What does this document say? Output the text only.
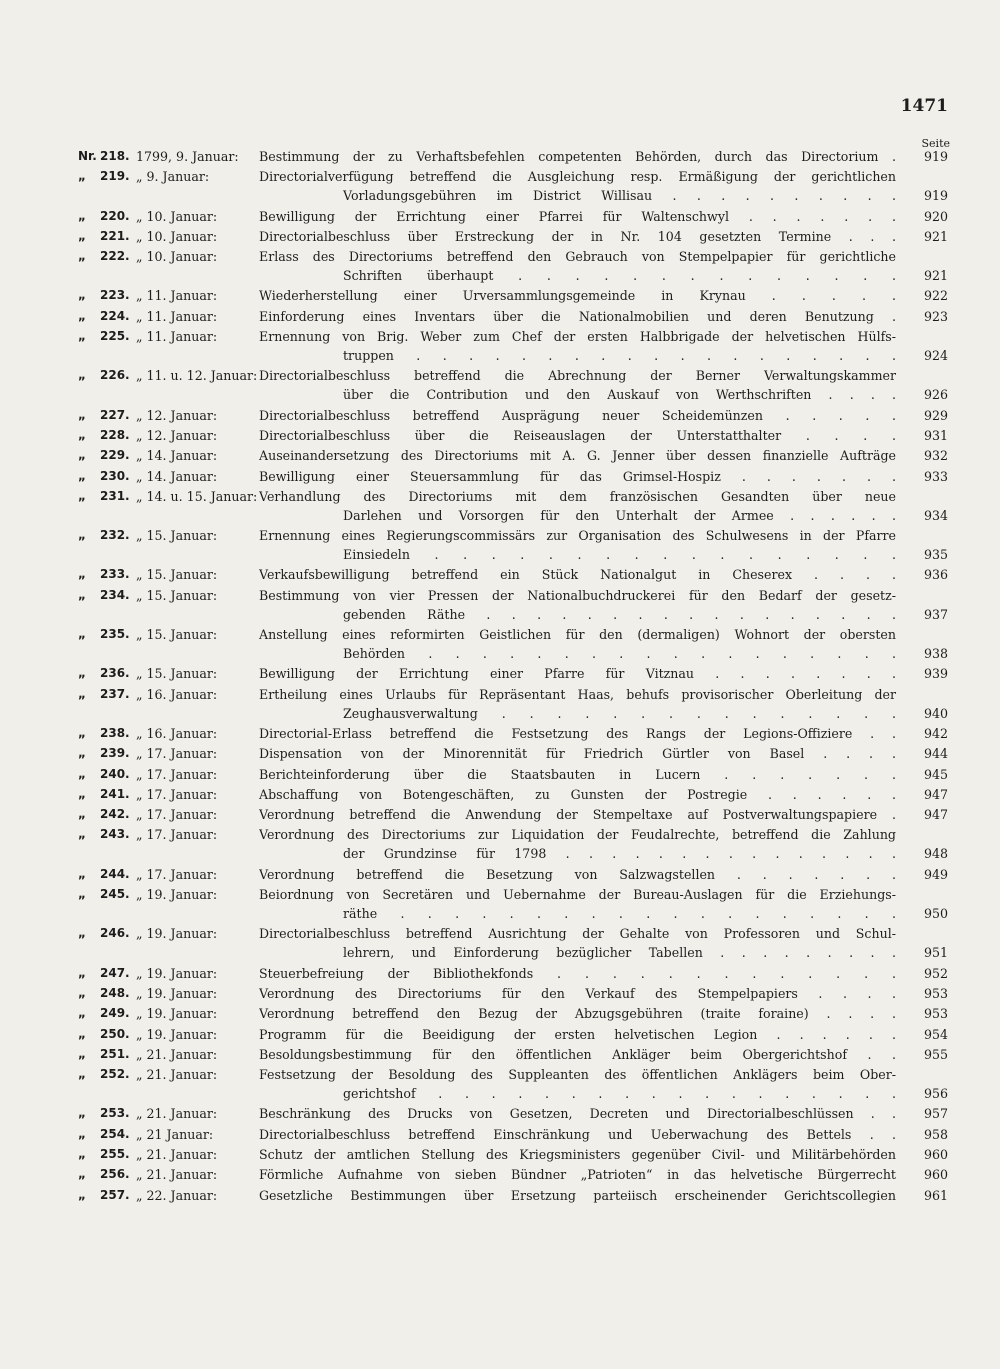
1471
Seite
Nr. 218. 1799, 9. Januar:	Bestimmung der zu Verhaftsbefehlen competenten Behörden, durch das Directorium .	919
„ 219. „ 9. Januar:	Directorialverfügung betreffend die Ausgleichung resp. Ermäßigung der gerichtlichen
Vorladungsgebühren im District Willisau . . . . . . . . . .	919
„ 220. „ 10. Januar:	Bewilligung der Errichtung einer Pfarrei für Waltenschwyl . . . . . . .	920
„ 221. „ 10. Januar:	Directorialbeschluss über Erstreckung der in Nr. 104 gesetzten Termine . . .	921
„ 222. „ 10. Januar:	Erlass des Directoriums betreffend den Gebrauch von Stempelpapier für gerichtliche
Schriften überhaupt . . . . . . . . . . . . . .	921
„ 223. „ 11. Januar:	Wiederherstellung einer Urversammlungsgemeinde in Krynau . . . . .	922
„ 224. „ 11. Januar:	Einforderung eines Inventars über die Nationalmobilien und deren Benutzung .	923
„ 225. „ 11. Januar:	Ernennung von Brig. Weber zum Chef der ersten Halbbrigade der helvetischen Hülfs-
truppen . . . . . . . . . . . . . . . . . . .	924
„ 226. „ 11. u. 12. Januar: Directorialbeschluss betreffend die Abrechnung der Berner Verwaltungskammer
über die Contribution und den Auskauf von Werthschriften . . . .	926
„ 227. „ 12. Januar:	Directorialbeschluss betreffend Ausprägung neuer Scheidemünzen . . . . .	929
„ 228. „ 12. Januar:	Directorialbeschluss über die Reiseauslagen der Unterstatthalter . . . .	931
„ 229. „ 14. Januar:	Auseinandersetzung des Directoriums mit A. G. Jenner über dessen finanzielle Aufträge	932
„ 230. „ 14. Januar:	Bewilligung einer Steuersammlung für das Grimsel-Hospiz . . . . . . .	933
„ 231. „ 14. u. 15. Januar: Verhandlung des Directoriums mit dem französischen Gesandten über neue
Darlehen und Vorsorgen für den Unterhalt der Armee . . . . . .	934
„ 232. „ 15. Januar:	Ernennung eines Regierungscommissärs zur Organisation des Schulwesens in der Pfarre
Einsiedeln . . . . . . . . . . . . . . . . .	935
„ 233. „ 15. Januar:	Verkaufsbewilligung betreffend ein Stück Nationalgut in Cheserex . . . .	936
„ 234. „ 15. Januar:	Bestimmung von vier Pressen der Nationalbuchdruckerei für den Bedarf der gesetz-
gebenden Räthe . . . . . . . . . . . . . . . . .	937
„ 235. „ 15. Januar:	Anstellung eines reformirten Geistlichen für den (dermaligen) Wohnort der obersten
Behörden . . . . . . . . . . . . . . . . . .	938
„ 236. „ 15. Januar:	Bewilligung der Errichtung einer Pfarre für Vitznau . . . . . . . .	939
„ 237. „ 16. Januar:	Ertheilung eines Urlaubs für Repräsentant Haas, behufs provisorischer Oberleitung der
Zeughausverwaltung . . . . . . . . . . . . . . .	940
„ 238. „ 16. Januar:	Directorial-Erlass betreffend die Festsetzung des Rangs der Legions-Offiziere . .	942
„ 239. „ 17. Januar:	Dispensation von der Minorennität für Friedrich Gürtler von Basel . . . .	944
„ 240. „ 17. Januar:	Berichteinforderung über die Staatsbauten in Lucern . . . . . . .	945
„ 241. „ 17. Januar:	Abschaffung von Botengeschäften, zu Gunsten der Postregie . . . . . .	947
„ 242. „ 17. Januar:	Verordnung betreffend die Anwendung der Stempeltaxe auf Postverwaltungspapiere .	947
„ 243. „ 17. Januar:	Verordnung des Directoriums zur Liquidation der Feudalrechte, betreffend die Zahlung
der Grundzinse für 1798 . . . . . . . . . . . . . . .	948
„ 244. „ 17. Januar:	Verordnung betreffend die Besetzung von Salzwagstellen . . . . . . .	949
„ 245. „ 19. Januar:	Beiordnung von Secretären und Uebernahme der Bureau-Auslagen für die Erziehungs-
räthe . . . . . . . . . . . . . . . . . . .	950
„ 246. „ 19. Januar:	Directorialbeschluss betreffend Ausrichtung der Gehalte von Professoren und Schul-
lehrern, und Einforderung bezüglicher Tabellen . . . . . . . . .	951
„ 247. „ 19. Januar:	Steuerbefreiung der Bibliothekfonds . . . . . . . . . . . . .	952
„ 248. „ 19. Januar:	Verordnung des Directoriums für den Verkauf des Stempelpapiers . . . .	953
„ 249. „ 19. Januar:	Verordnung betreffend den Bezug der Abzugsgebühren (traite foraine) . . . .	953
„ 250. „ 19. Januar:	Programm für die Beeidigung der ersten helvetischen Legion . . . . . .	954
„ 251. „ 21. Januar:	Besoldungsbestimmung für den öffentlichen Ankläger beim Obergerichtshof . .	955
„ 252. „ 21. Januar:	Festsetzung der Besoldung des Suppleanten des öffentlichen Anklägers beim Ober-
gerichtshof . . . . . . . . . . . . . . . . . .	956
„ 253. „ 21. Januar:	Beschränkung des Drucks von Gesetzen, Decreten und Directorialbeschlüssen . .	957
„ 254. „ 21 Januar:	Directorialbeschluss betreffend Einschränkung und Ueberwachung des Bettels . .	958
„ 255. „ 21. Januar:	Schutz der amtlichen Stellung des Kriegsministers gegenüber Civil- und Militärbehörden	960
„ 256. „ 21. Januar:	Förmliche Aufnahme von sieben Bündner „Patrioten“ in das helvetische Bürgerrecht	960
„ 257. „ 22. Januar:	Gesetzliche Bestimmungen über Ersetzung parteiisch erscheinender Gerichtscollegien	961
